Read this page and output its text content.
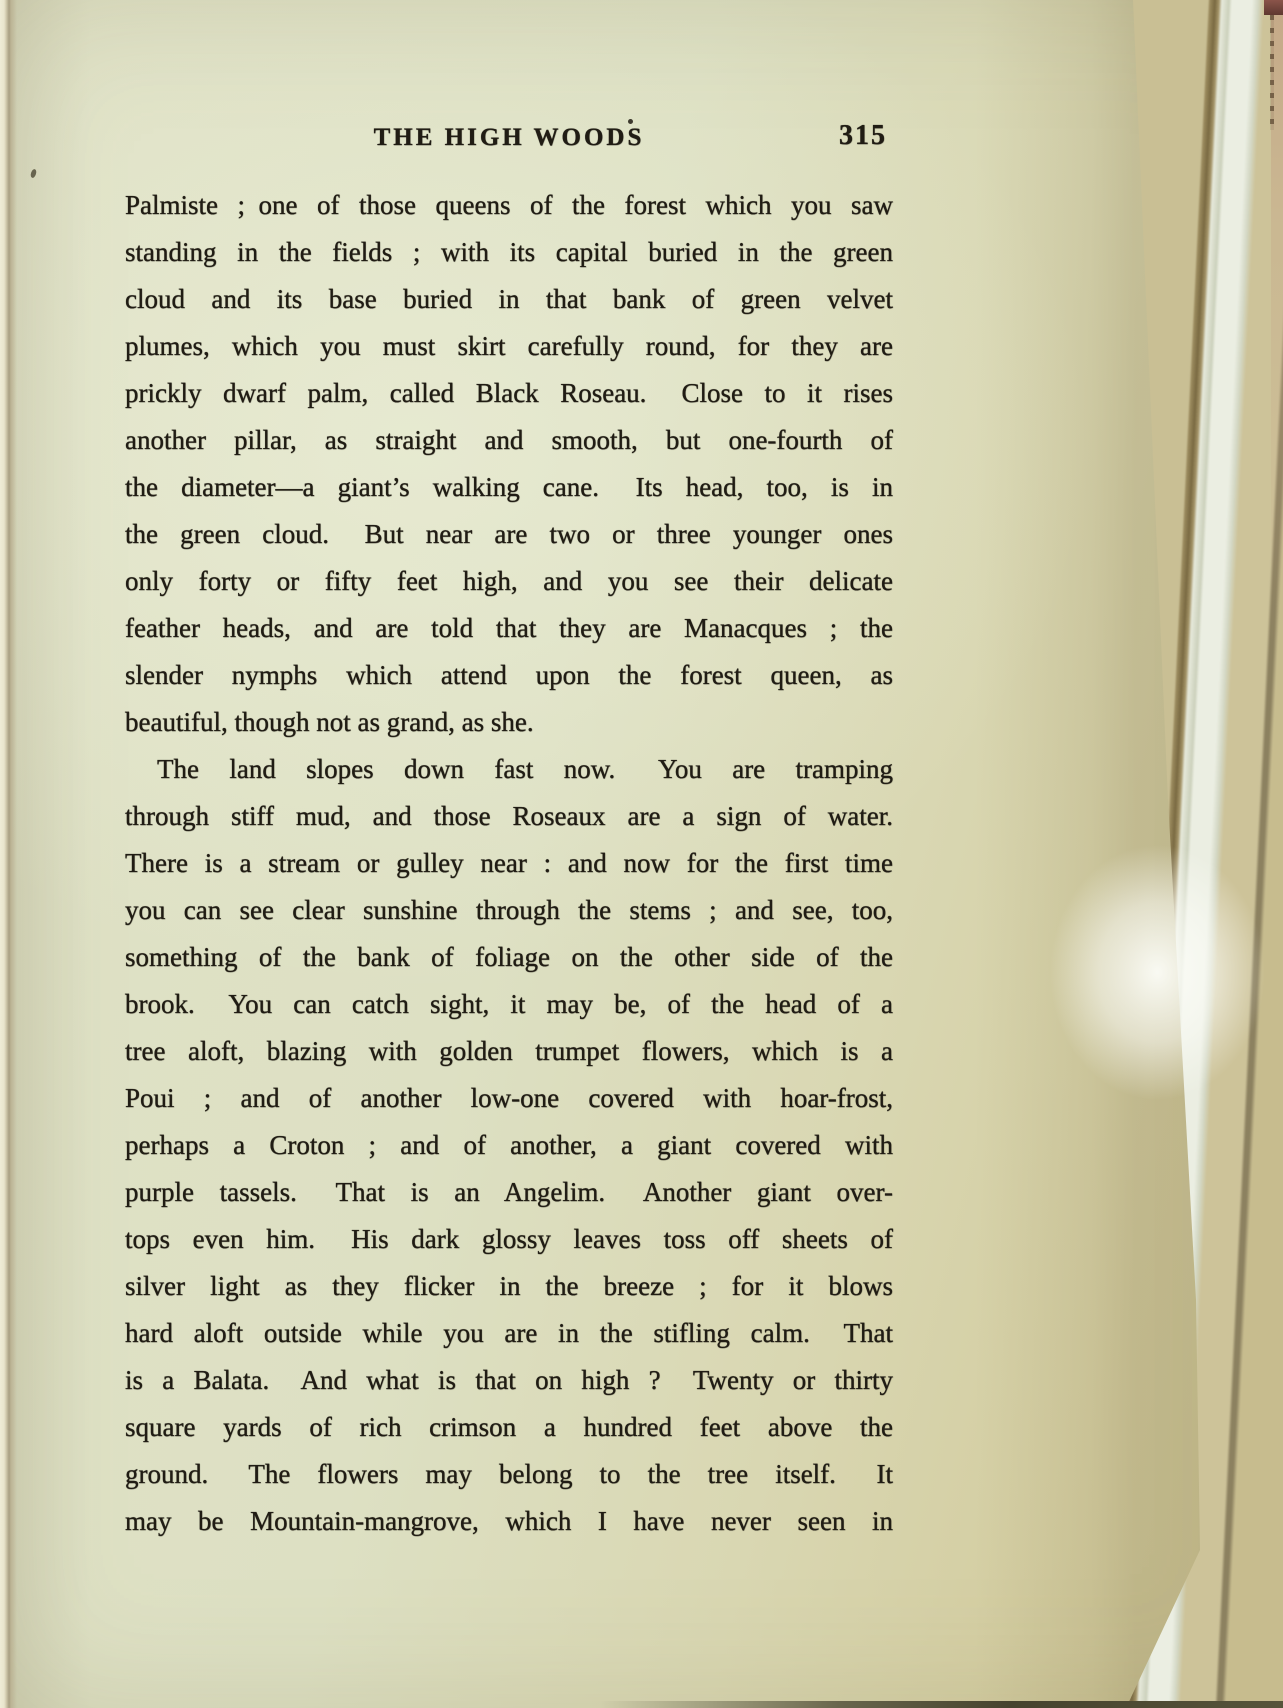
THE HIGH WOODS	315
Palmiste ; one of those queens of the forest which you saw
standing in the fields ; with its capital buried in the green
cloud and its base buried in that bank of green velvet
plumes, which you must skirt carefully round, for they are
prickly dwarf palm, called Black Roseau.  Close to it rises
another pillar, as straight and smooth, but one-fourth of
the diameter—a giant’s walking cane.  Its head, too, is in
the green cloud.  But near are two or three younger ones
only forty or fifty feet high, and you see their delicate
feather heads, and are told that they are Manacques ; the
slender nymphs which attend upon the forest queen, as
beautiful, though not as grand, as she.
The land slopes down fast now.  You are tramping
through stiff mud, and those Roseaux are a sign of water.
There is a stream or gulley near : and now for the first time
you can see clear sunshine through the stems ; and see, too,
something of the bank of foliage on the other side of the
brook.  You can catch sight, it may be, of the head of a
tree aloft, blazing with golden trumpet flowers, which is a
Poui ; and of another low-one covered with hoar-frost,
perhaps a Croton ; and of another, a giant covered with
purple tassels.  That is an Angelim.  Another giant over-
tops even him.  His dark glossy leaves toss off sheets of
silver light as they flicker in the breeze ; for it blows
hard aloft outside while you are in the stifling calm.  That
is a Balata.  And what is that on high ?  Twenty or thirty
square yards of rich crimson a hundred feet above the
ground.  The flowers may belong to the tree itself.  It
may be Mountain-mangrove, which I have never seen in
